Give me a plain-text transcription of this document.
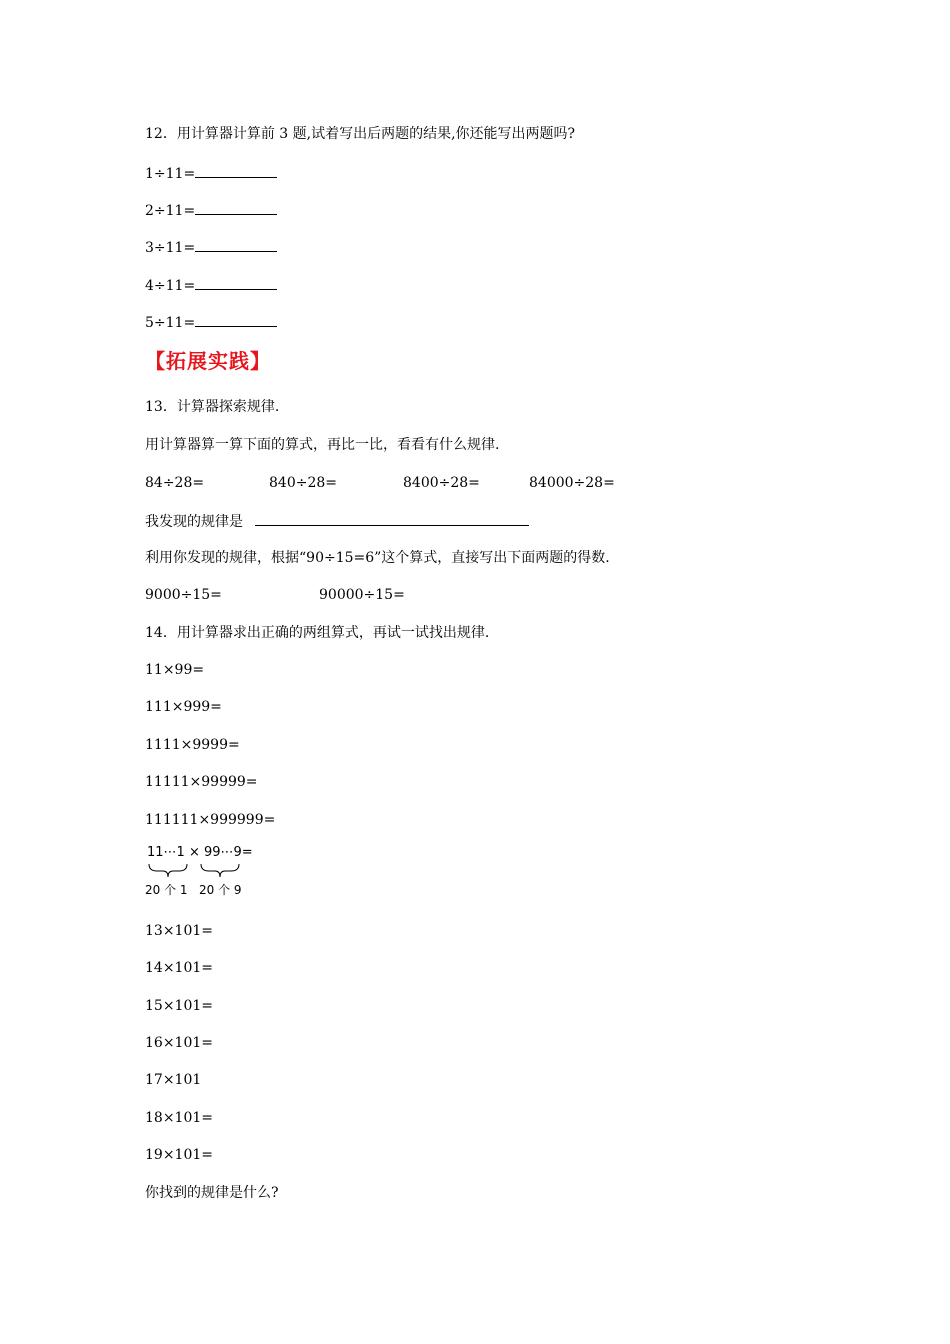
12．用计算器计算前 3 题,试着写出后两题的结果,你还能写出两题吗?
1÷11=
2÷11=
3÷11=
4÷11=
5÷11=
【拓展实践】
13．计算器探索规律.
用计算器算一算下面的算式，再比一比，看看有什么规律.
84÷28=	840÷28=	8400÷28=	84000÷28=
我发现的规律是
利用你发现的规律，根据“90÷15=6”这个算式，直接写出下面两题的得数.
9000÷15=	90000÷15=
14．用计算器求出正确的两组算式，再试一试找出规律.
11×99=
111×999=
1111×9999=
11111×99999=
111111×999999=
11⋯1 × 99⋯9=
20 个 1 20 个 9
13×101=
14×101=
15×101=
16×101=
17×101
18×101=
19×101=
你找到的规律是什么?
